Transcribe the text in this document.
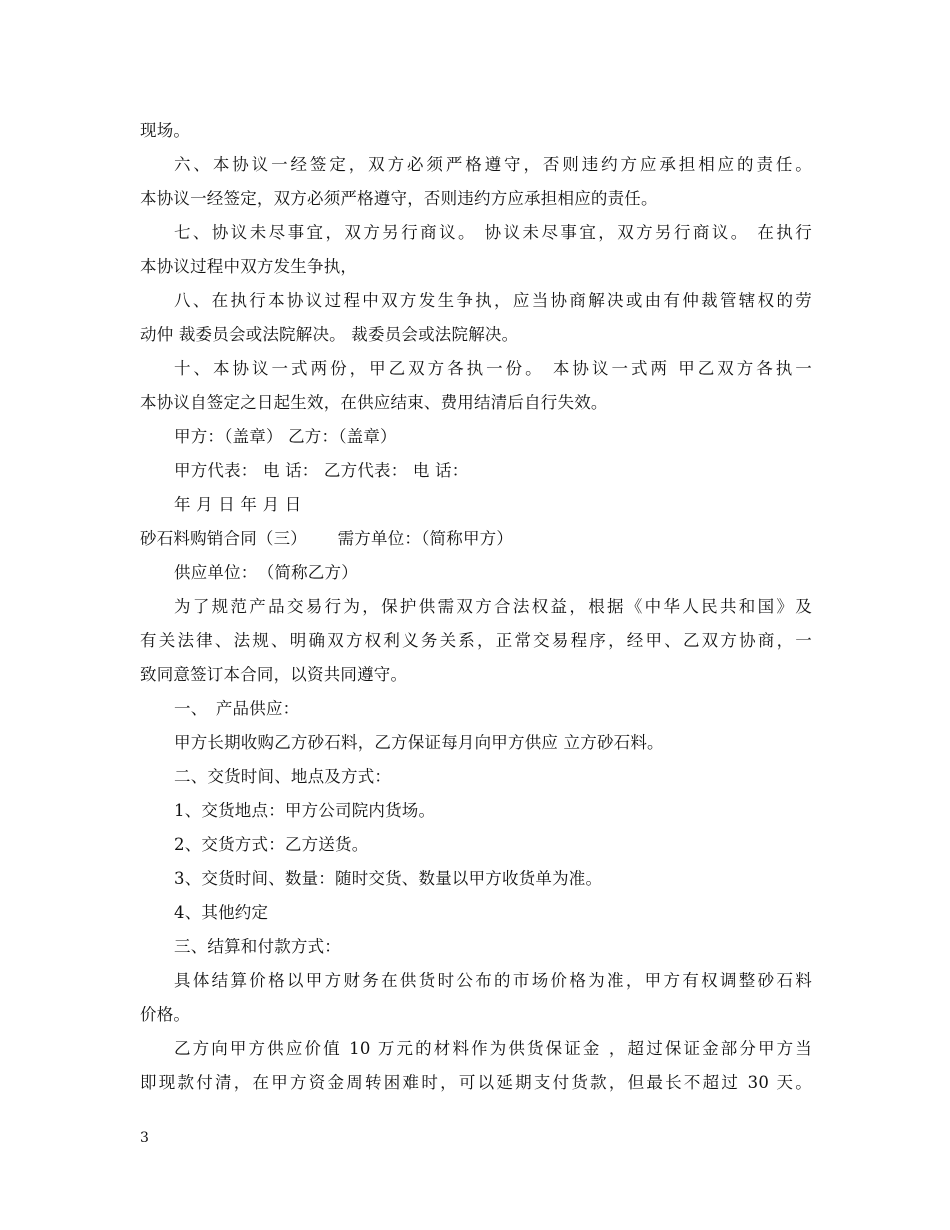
现场。
六、本协议一经签定，双方必须严格遵守，否则违约方应承担相应的责任。
本协议一经签定，双方必须严格遵守，否则违约方应承担相应的责任。
七、协议未尽事宜，双方另行商议。 协议未尽事宜，双方另行商议。 在执行
本协议过程中双方发生争执，
八、在执行本协议过程中双方发生争执，应当协商解决或由有仲裁管辖权的劳
动仲 裁委员会或法院解决。 裁委员会或法院解决。
十、本协议一式两份，甲乙双方各执一份。 本协议一式两 甲乙双方各执一
本协议自签定之日起生效，在供应结束、费用结清后自行失效。
甲方：（盖章） 乙方：（盖章）
甲方代表： 电 话： 乙方代表： 电 话：
年 月 日 年 月 日
砂石料购销合同（三）　　 需方单位：（简称甲方）
供应单位：　（简称乙方）
为了规范产品交易行为，保护供需双方合法权益，根据《中华人民共和国》及
有关法律、法规、明确双方权利义务关系，正常交易程序，经甲、乙双方协商，一
致同意签订本合同，以资共同遵守。
一、　产品供应：
甲方长期收购乙方砂石料，乙方保证每月向甲方供应 立方砂石料。
二、交货时间、地点及方式：
1、交货地点：甲方公司院内货场。
2、交货方式：乙方送货。
3、交货时间、数量：随时交货、数量以甲方收货单为准。
4、其他约定
三、结算和付款方式：
具体结算价格以甲方财务在供货时公布的市场价格为准，甲方有权调整砂石料
价格。
乙方向甲方供应价值 10 万元的材料作为供货保证金 ，超过保证金部分甲方当
即现款付清，在甲方资金周转困难时，可以延期支付货款，但最长不超过 30 天。
3
